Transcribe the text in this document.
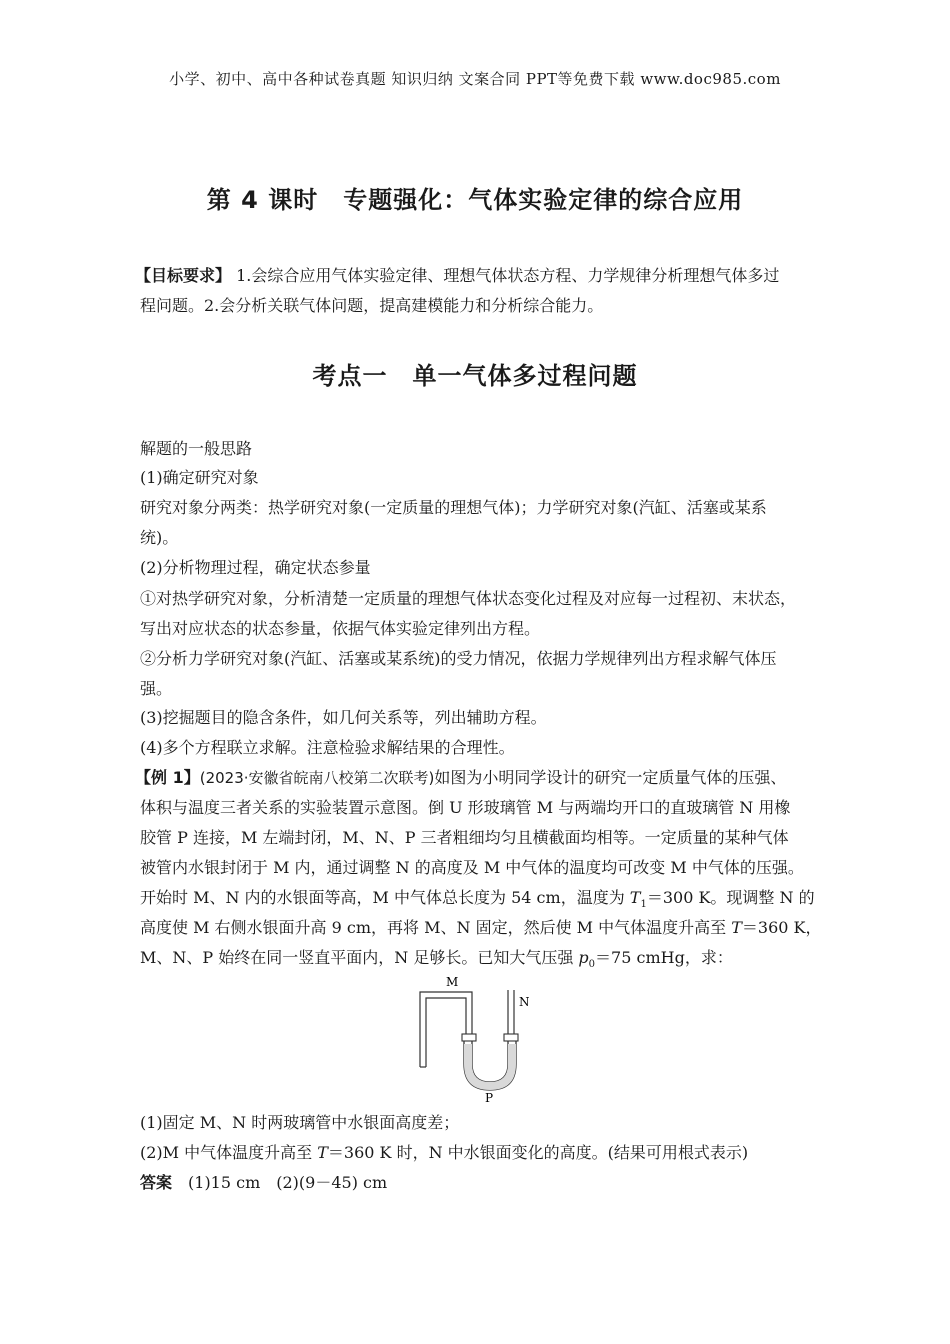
小学、初中、高中各种试卷真题 知识归纳 文案合同 PPT等免费下载 www.doc985.com
第 4 课时　专题强化：气体实验定律的综合应用
【目标要求】 1.会综合应用气体实验定律、理想气体状态方程、力学规律分析理想气体多过
程问题。2.会分析关联气体问题，提高建模能力和分析综合能力。
考点一　单一气体多过程问题
解题的一般思路
(1)确定研究对象
研究对象分两类：热学研究对象(一定质量的理想气体)；力学研究对象(汽缸、活塞或某系
统)。
(2)分析物理过程，确定状态参量
①对热学研究对象，分析清楚一定质量的理想气体状态变化过程及对应每一过程初、末状态，
写出对应状态的状态参量，依据气体实验定律列出方程。
②分析力学研究对象(汽缸、活塞或某系统)的受力情况，依据力学规律列出方程求解气体压
强。
(3)挖掘题目的隐含条件，如几何关系等，列出辅助方程。
(4)多个方程联立求解。注意检验求解结果的合理性。
【例 1】(2023·安徽省皖南八校第二次联考)如图为小明同学设计的研究一定质量气体的压强、
体积与温度三者关系的实验装置示意图。倒 U 形玻璃管 M 与两端均开口的直玻璃管 N 用橡
胶管 P 连接，M 左端封闭，M、N、P 三者粗细均匀且横截面均相等。一定质量的某种气体
被管内水银封闭于 M 内，通过调整 N 的高度及 M 中气体的温度均可改变 M 中气体的压强。
开始时 M、N 内的水银面等高，M 中气体总长度为 54 cm，温度为 $T_1=300$ K。现调整 N 的
高度使 M 右侧水银面升高 9 cm，再将 M、N 固定，然后使 M 中气体温度升高至 T＝360 K，
M、N、P 始终在同一竖直平面内，N 足够长。已知大气压强 $p_0=75$ cmHg，求：
M
N
P
(1)固定 M、N 时两玻璃管中水银面高度差；
(2)M 中气体温度升高至 T＝360 K 时，N 中水银面变化的高度。(结果可用根式表示)
答案　(1)15 cm　(2)(9－45) cm
